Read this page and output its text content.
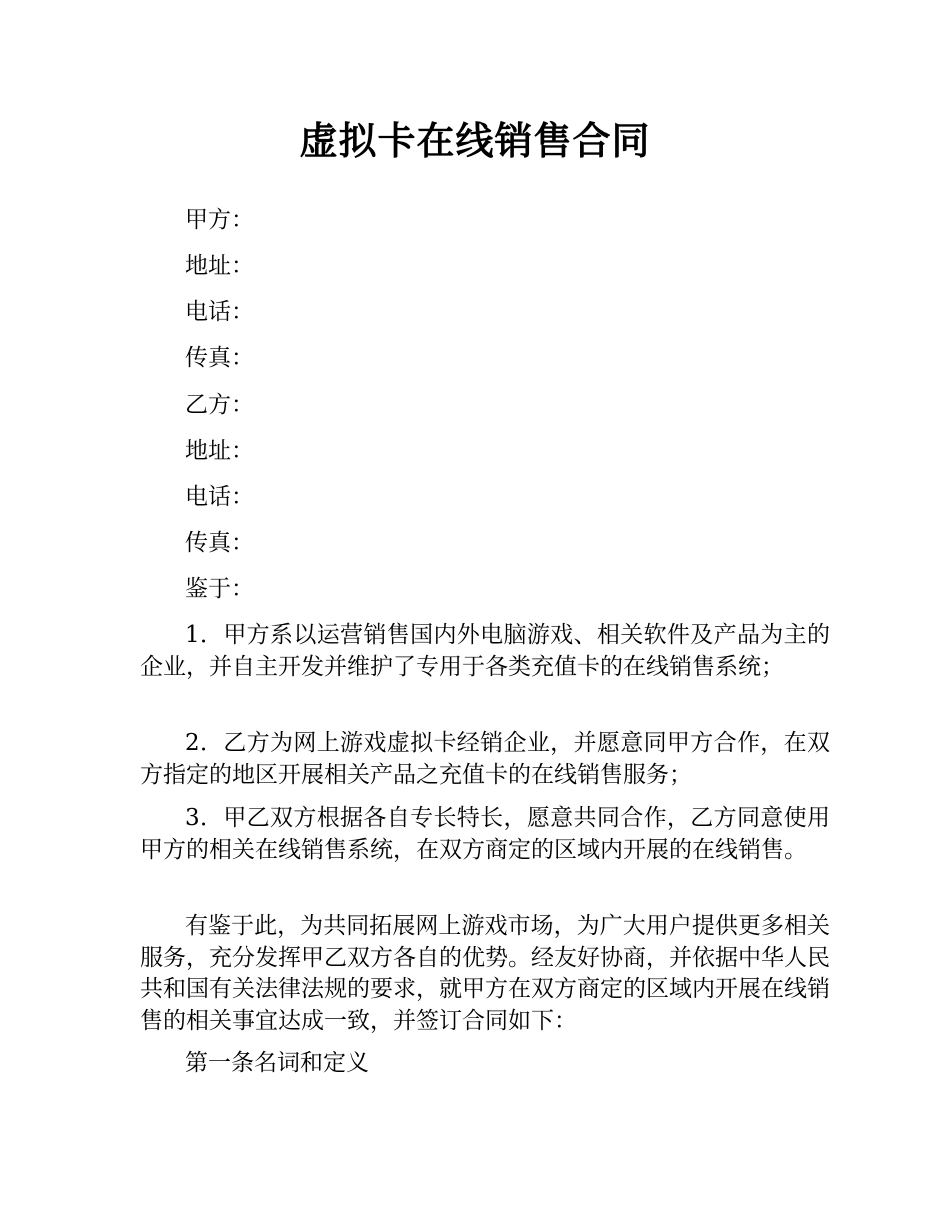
虚拟卡在线销售合同
甲方：
地址：
电话：
传真：
乙方：
地址：
电话：
传真：
鉴于：
1．甲方系以运营销售国内外电脑游戏、相关软件及产品为主的企业，并自主开发并维护了专用于各类充值卡的在线销售系统；
2．乙方为网上游戏虚拟卡经销企业，并愿意同甲方合作，在双方指定的地区开展相关产品之充值卡的在线销售服务；
3．甲乙双方根据各自专长特长，愿意共同合作，乙方同意使用甲方的相关在线销售系统，在双方商定的区域内开展的在线销售。
有鉴于此，为共同拓展网上游戏市场，为广大用户提供更多相关服务，充分发挥甲乙双方各自的优势。经友好协商，并依据中华人民共和国有关法律法规的要求，就甲方在双方商定的区域内开展在线销售的相关事宜达成一致，并签订合同如下：
第一条名词和定义
